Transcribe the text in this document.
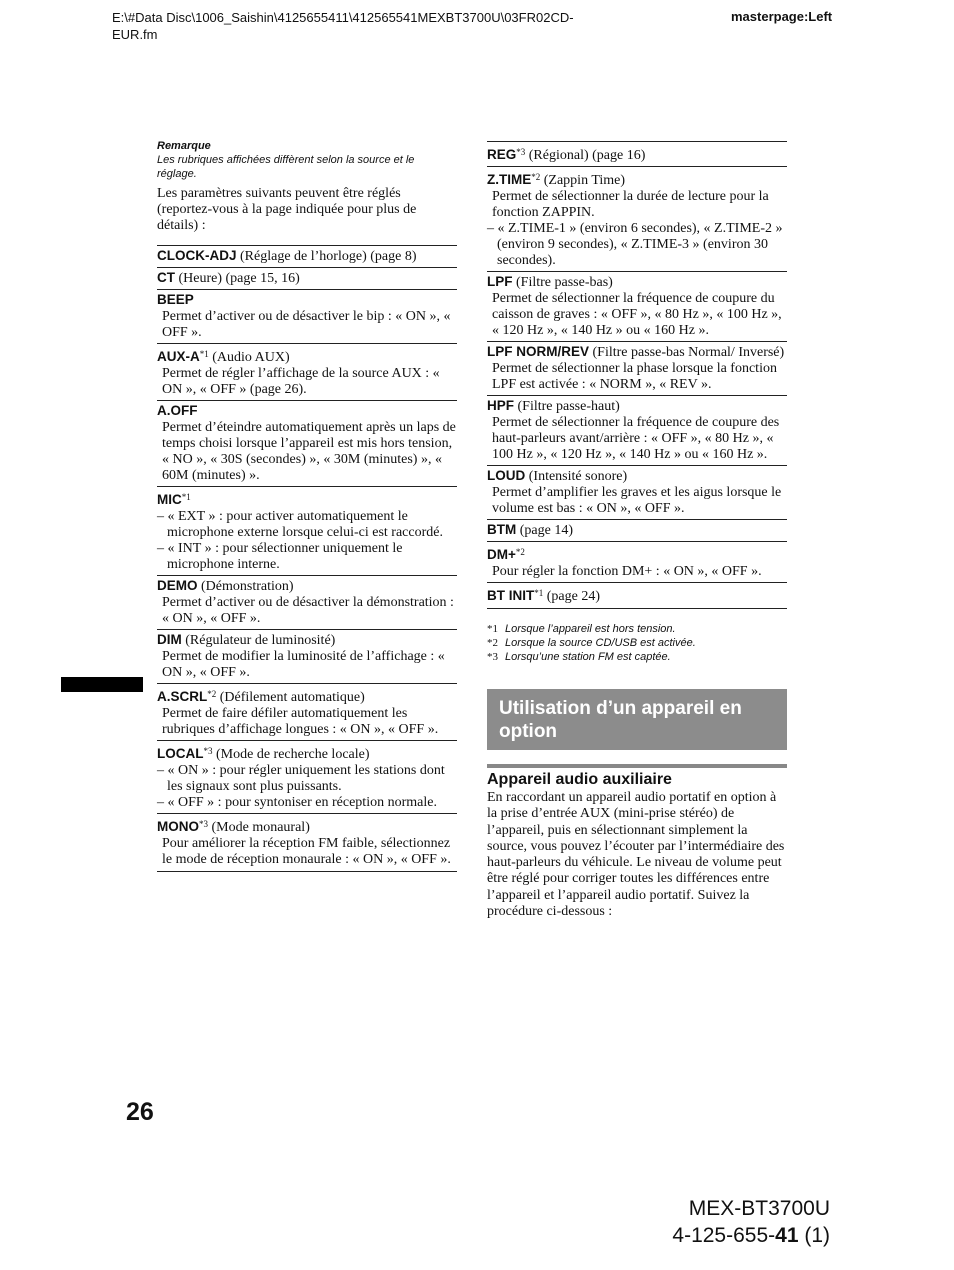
E:\#Data Disc\1006_Saishin\4125655411\412565541MEXBT3700U\03FR02CD-
EUR.fm
masterpage:Left
Remarque
Les rubriques affichées diffèrent selon la source et le réglage.
Les paramètres suivants peuvent être réglés (reportez-vous à la page indiquée pour plus de détails) :
CLOCK-ADJ (Réglage de l’horloge) (page 8)
CT (Heure) (page 15, 16)
BEEP
Permet d’activer ou de désactiver le bip : « ON », « OFF ».
AUX-$A^{*1}$ (Audio AUX)
Permet de régler l’affichage de la source AUX : « ON », « OFF » (page 26).
A.OFF
Permet d’éteindre automatiquement après un laps de temps choisi lorsque l’appareil est mis hors tension, « NO », « 30S (secondes) », « 30M (minutes) », « 60M (minutes) ».
MIC$^{*1}$
– « EXT » : pour activer automatiquement le microphone externe lorsque celui-ci est raccordé.
– « INT » : pour sélectionner uniquement le microphone interne.
DEMO (Démonstration)
Permet d’activer ou de désactiver la démonstration : « ON », « OFF ».
DIM (Régulateur de luminosité)
Permet de modifier la luminosité de l’affichage : « ON », « OFF ».
A.SCRL$^{*2}$ (Défilement automatique)
Permet de faire défiler automatiquement les rubriques d’affichage longues : « ON », « OFF ».
LOCAL$^{*3}$ (Mode de recherche locale)
– « ON » : pour régler uniquement les stations dont les signaux sont plus puissants.
– « OFF » : pour syntoniser en réception normale.
MONO$^{*3}$ (Mode monaural)
Pour améliorer la réception FM faible, sélectionnez le mode de réception monaurale : « ON », « OFF ».
REG$^{*3}$ (Régional) (page 16)
Z.TIME$^{*2}$ (Zappin Time)
Permet de sélectionner la durée de lecture pour la fonction ZAPPIN.
– « Z.TIME-1 » (environ 6 secondes), « Z.TIME-2 » (environ 9 secondes), « Z.TIME-3 » (environ 30 secondes).
LPF (Filtre passe-bas)
Permet de sélectionner la fréquence de coupure du caisson de graves : « OFF », « 80 Hz », « 100 Hz », « 120 Hz », « 140 Hz » ou « 160 Hz ».
LPF NORM/REV (Filtre passe-bas Normal/ Inversé)
Permet de sélectionner la phase lorsque la fonction LPF est activée : « NORM », « REV ».
HPF (Filtre passe-haut)
Permet de sélectionner la fréquence de coupure des haut-parleurs avant/arrière : « OFF », « 80 Hz », « 100 Hz », « 120 Hz », « 140 Hz » ou « 160 Hz ».
LOUD (Intensité sonore)
Permet d’amplifier les graves et les aigus lorsque le volume est bas : « ON », « OFF ».
BTM (page 14)
DM+$^{*2}$
Pour régler la fonction DM+ : « ON », « OFF ».
BT INIT$^{*1}$ (page 24)
*1 Lorsque l’appareil est hors tension.
*2 Lorsque la source CD/USB est activée.
*3 Lorsqu’une station FM est captée.
Utilisation d’un appareil en option
Appareil audio auxiliaire
En raccordant un appareil audio portatif en option à la prise d’entrée AUX (mini-prise stéréo) de l’appareil, puis en sélectionnant simplement la source, vous pouvez l’écouter par l’intermédiaire des haut-parleurs du véhicule. Le niveau de volume peut être réglé pour corriger toutes les différences entre l’appareil et l’appareil audio portatif. Suivez la procédure ci-dessous :
26
MEX-BT3700U
4-125-655-41 (1)
